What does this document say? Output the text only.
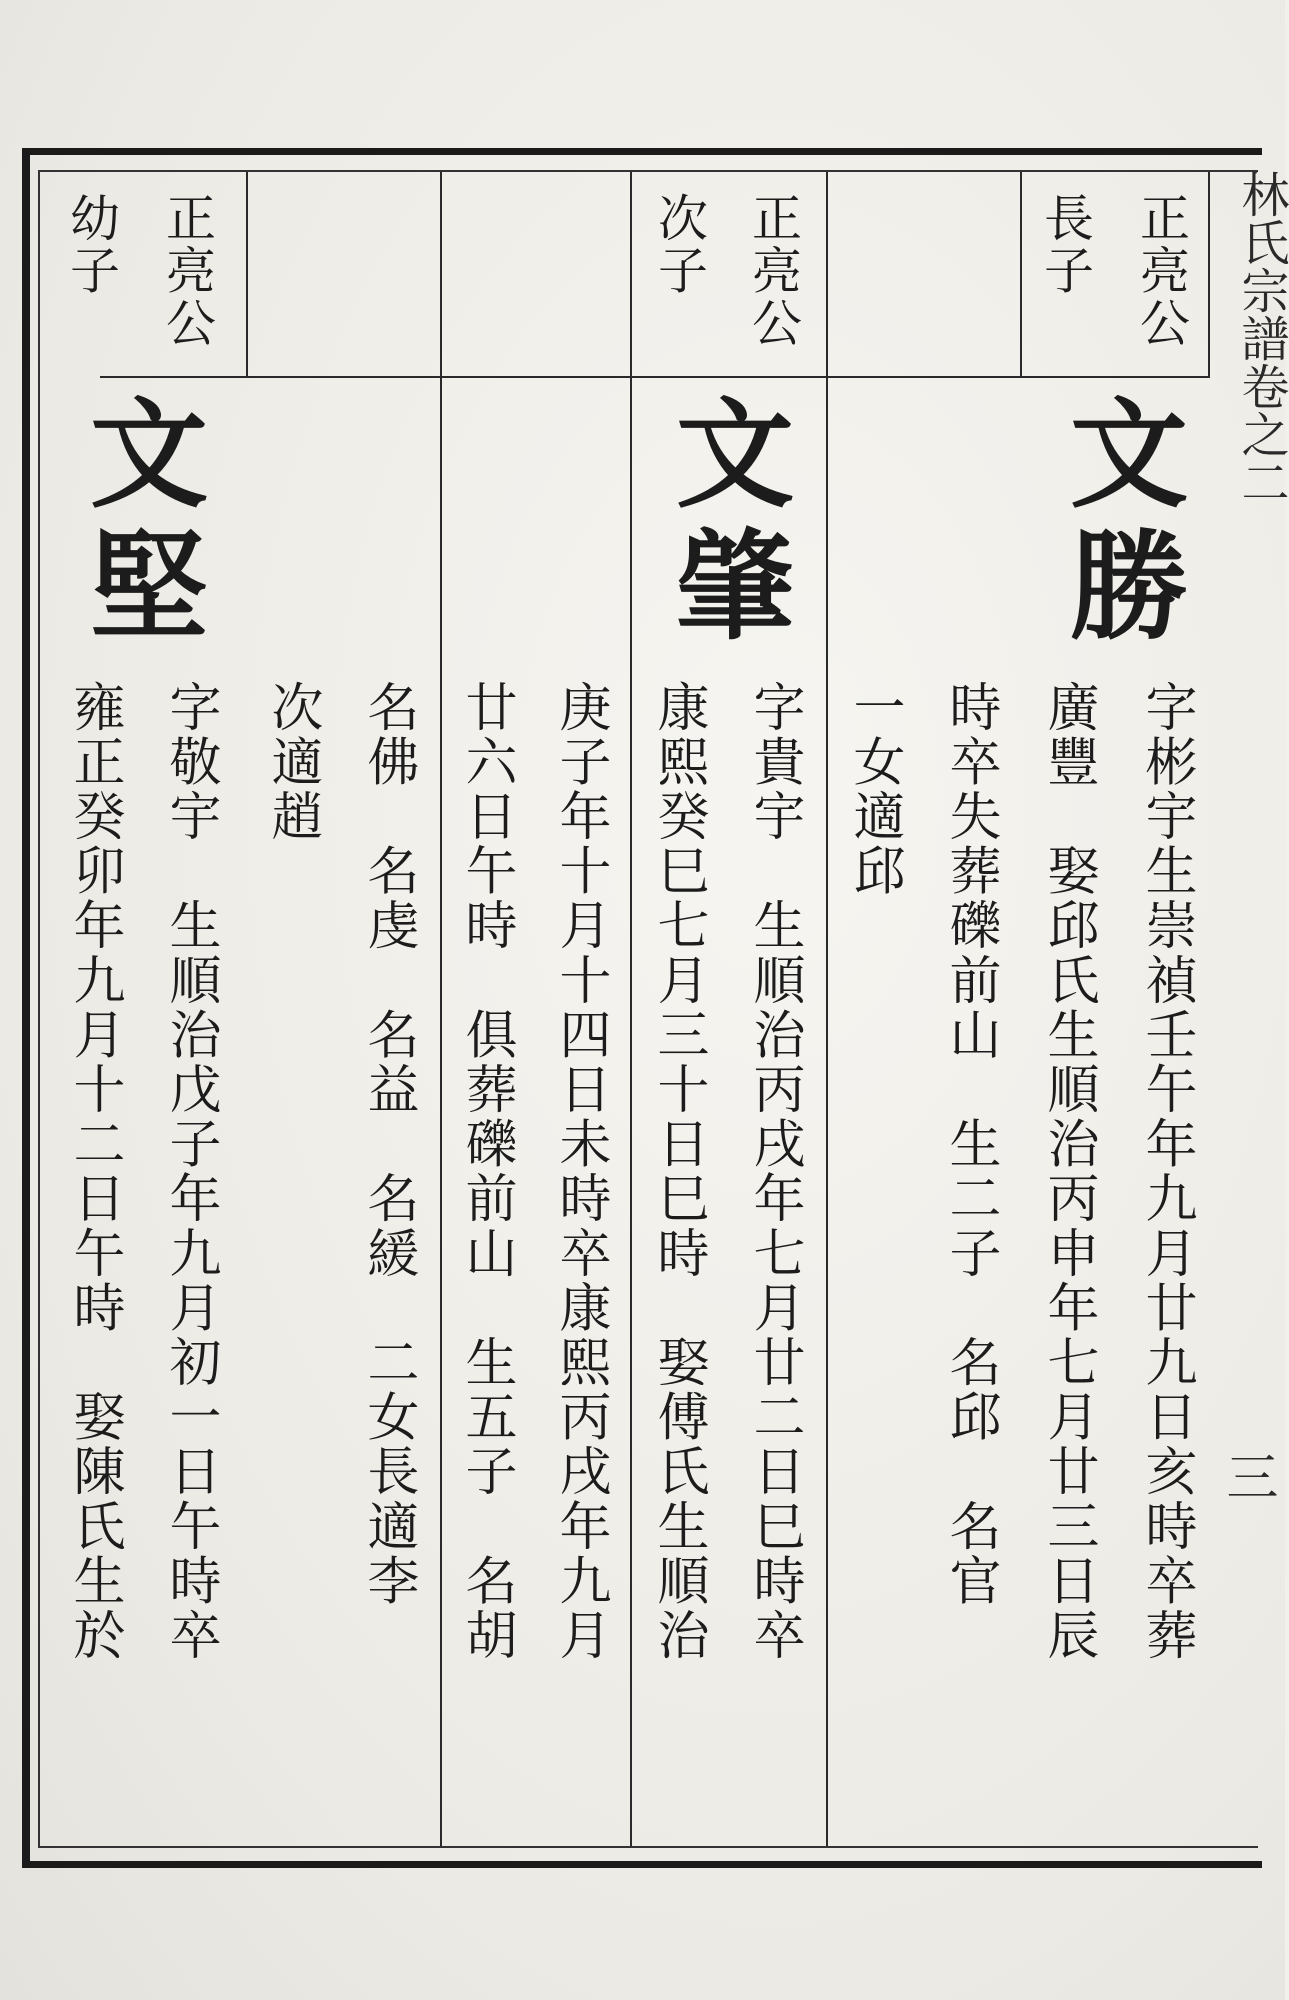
林氏宗譜卷之二
正亮公
長子
文勝
字彬宇生崇禎壬午年九月廿九日亥時卒葬
廣豐　娶邱氏生順治丙申年七月廿三日辰
時卒失葬礫前山　生二子　名邱　名官
一女適邱
正亮公
次子
文肇
字貴宇　生順治丙戌年七月廿二日巳時卒
康熙癸巳七月三十日巳時　娶傅氏生順治
庚子年十月十四日未時卒康熙丙戌年九月
廿六日午時　俱葬礫前山　生五子　名胡
名佛　名虔　名益　名緩　二女長適李
次適趙
正亮公
幼子
文堅
字敬宇　生順治戊子年九月初一日午時卒
雍正癸卯年九月十二日午時　娶陳氏生於
